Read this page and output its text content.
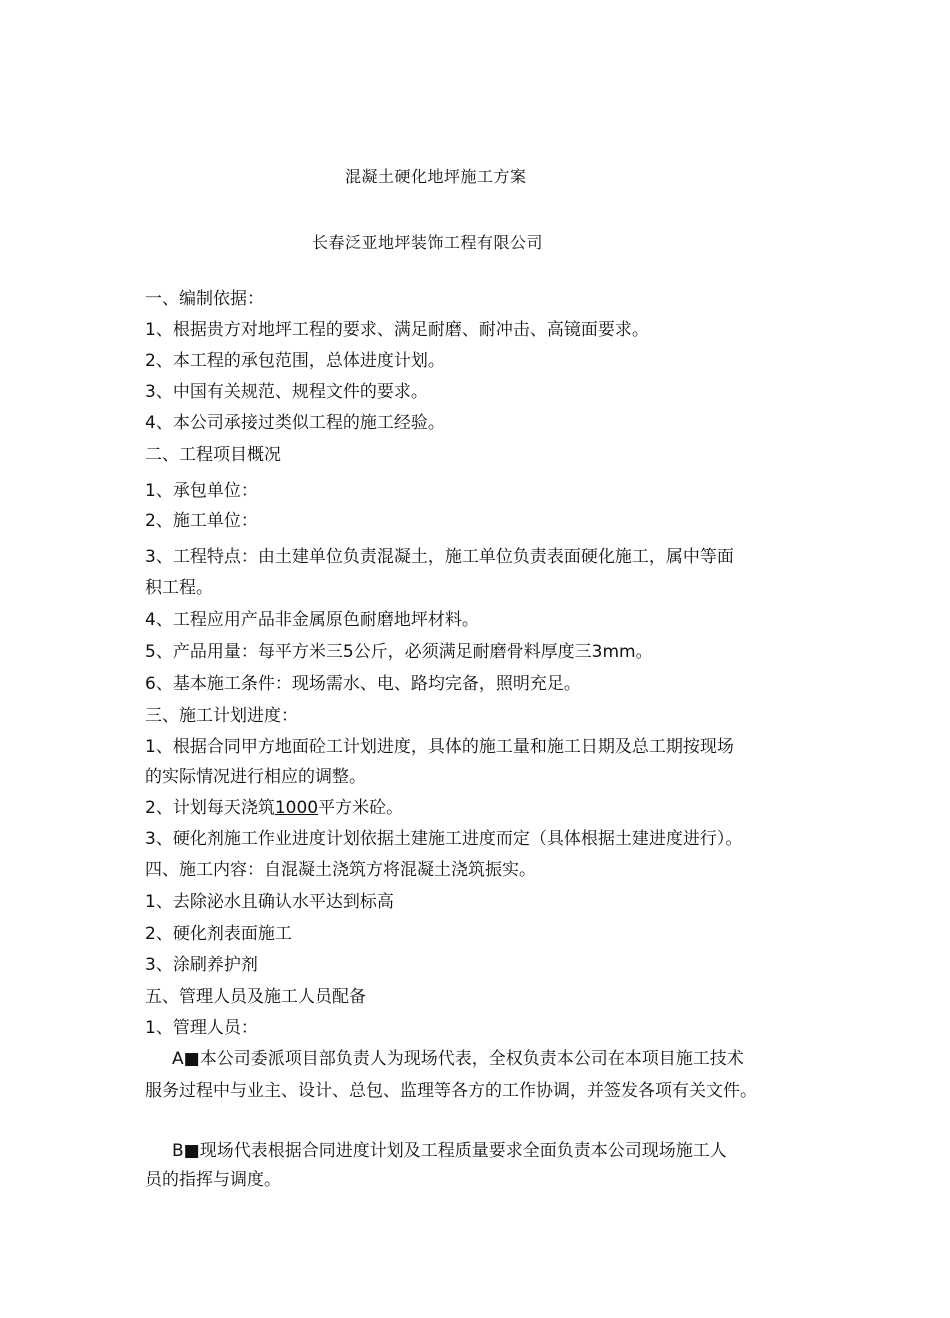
混凝土硬化地坪施工方案
长春泛亚地坪装饰工程有限公司
一、编制依据：
1、根据贵方对地坪工程的要求、满足耐磨、耐冲击、高镜面要求。
2、本工程的承包范围，总体进度计划。
3、中国有关规范、规程文件的要求。
4、本公司承接过类似工程的施工经验。
二、工程项目概况
1、承包单位：
2、施工单位：
3、工程特点：由土建单位负责混凝土，施工单位负责表面硬化施工，属中等面
积工程。
4、工程应用产品非金属原色耐磨地坪材料。
5、产品用量：每平方米三5公斤，必须满足耐磨骨料厚度三3mm。
6、基本施工条件：现场需水、电、路均完备，照明充足。
三、施工计划进度：
1、根据合同甲方地面砼工计划进度，具体的施工量和施工日期及总工期按现场
的实际情况进行相应的调整。
2、计划每天浇筑1000平方米砼。
3、硬化剂施工作业进度计划依据土建施工进度而定（具体根据土建进度进行）。
四、施工内容：自混凝土浇筑方将混凝土浇筑振实。
1、去除泌水且确认水平达到标高
2、硬化剂表面施工
3、涂刷养护剂
五、管理人员及施工人员配备
1、管理人员：
A■本公司委派项目部负责人为现场代表，全权负责本公司在本项目施工技术
服务过程中与业主、设计、总包、监理等各方的工作协调，并签发各项有关文件。
B■现场代表根据合同进度计划及工程质量要求全面负责本公司现场施工人
员的指挥与调度。
